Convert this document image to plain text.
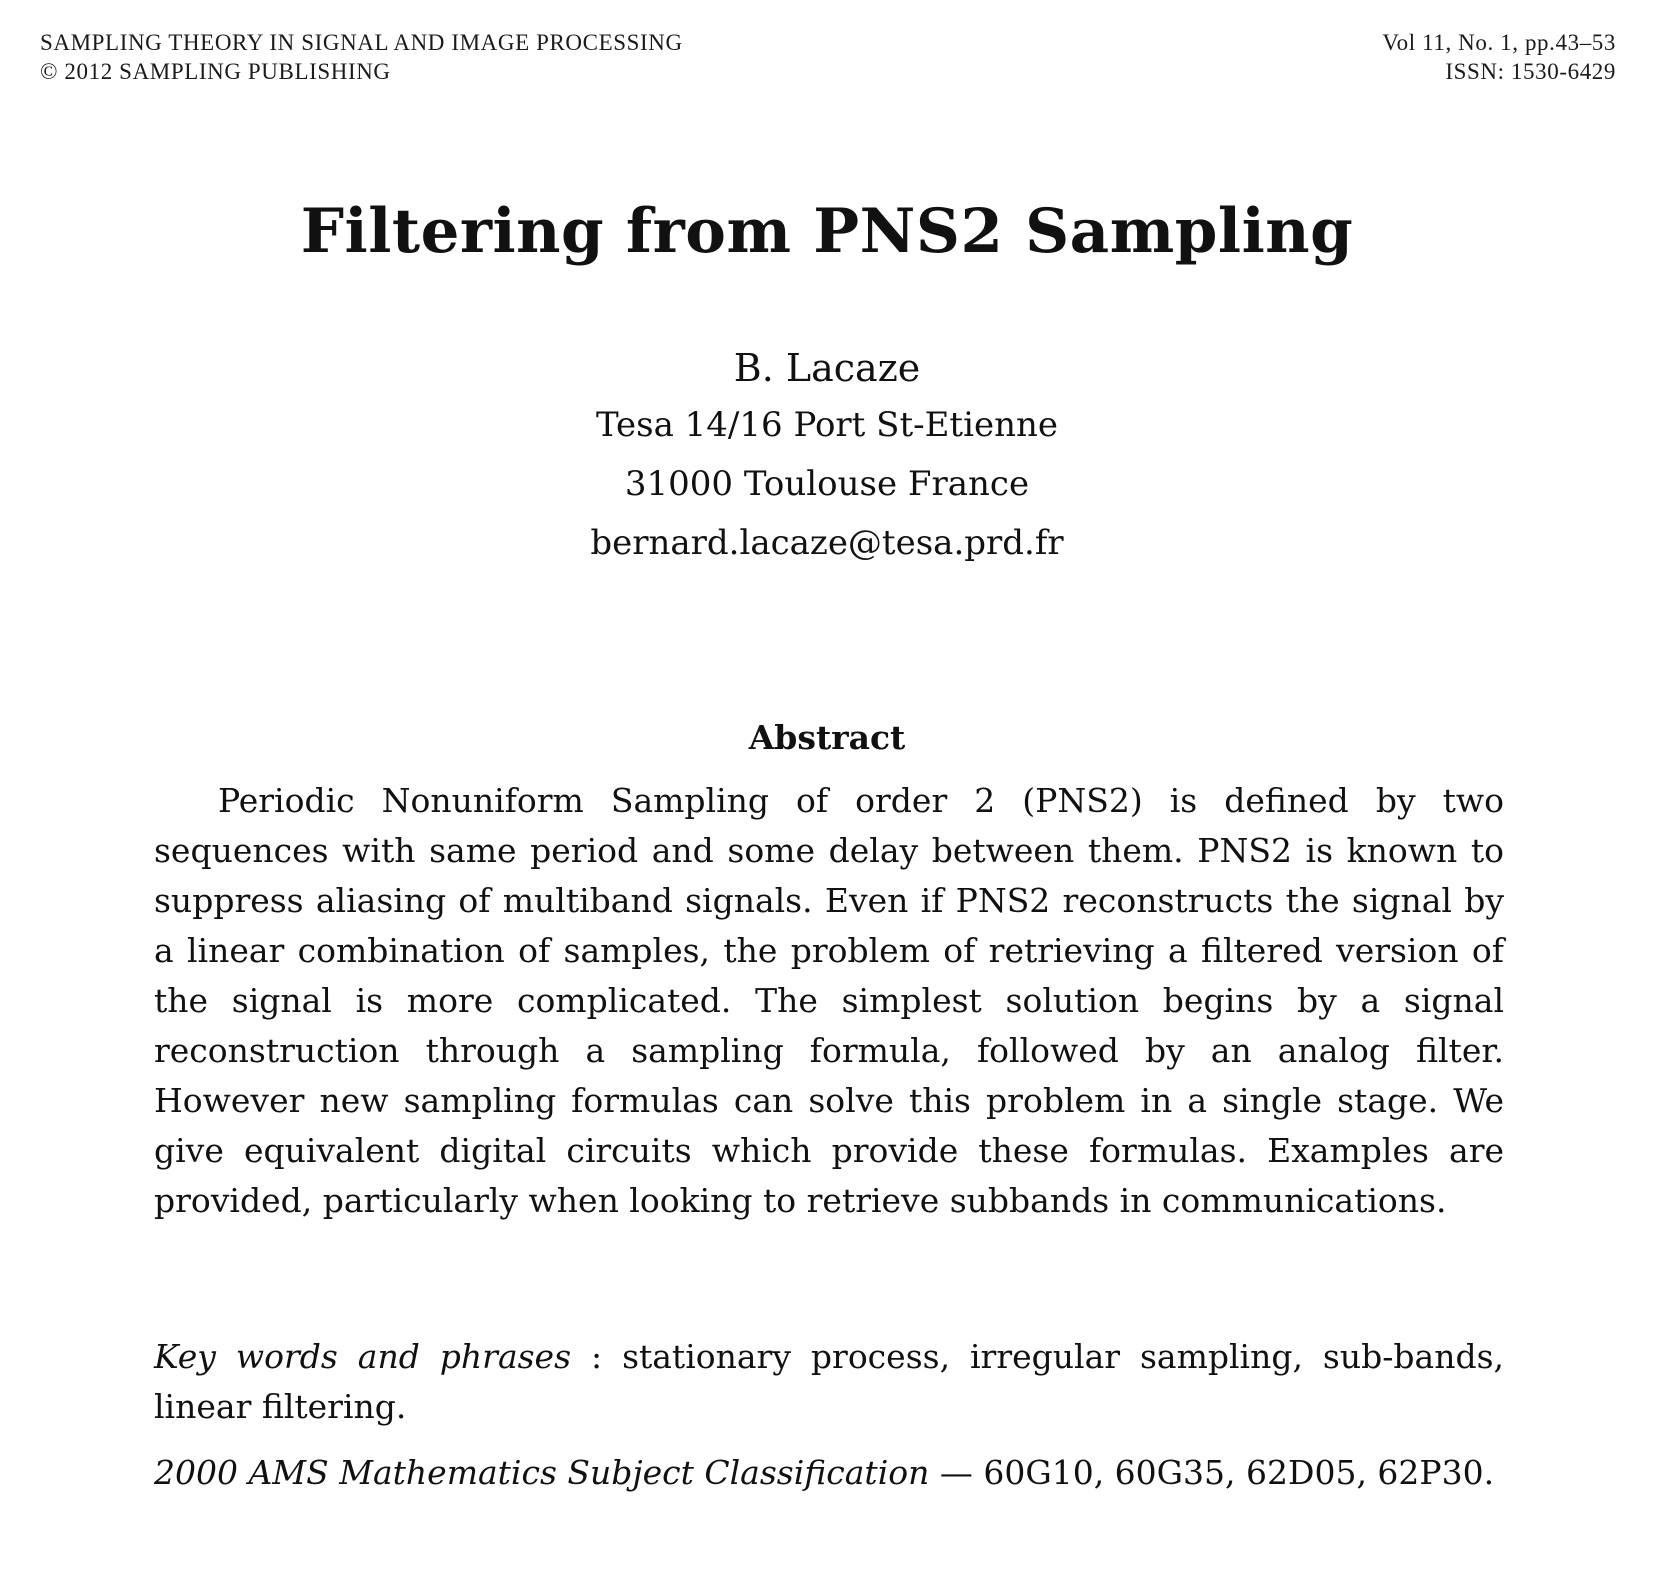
SAMPLING THEORY IN SIGNAL AND IMAGE PROCESSING
© 2012 SAMPLING PUBLISHING
Vol 11, No. 1, pp.43–53
ISSN: 1530-6429
Filtering from PNS2 Sampling
B. Lacaze
Tesa 14/16 Port St-Etienne
31000 Toulouse France
bernard.lacaze@tesa.prd.fr
Abstract
Periodic Nonuniform Sampling of order 2 (PNS2) is defined by two sequences with same period and some delay between them. PNS2 is known to suppress aliasing of multiband signals. Even if PNS2 reconstructs the signal by a linear combination of samples, the problem of retrieving a filtered version of the signal is more complicated. The simplest solution begins by a signal reconstruction through a sampling formula, followed by an analog filter. However new sampling formulas can solve this problem in a single stage. We give equivalent digital circuits which provide these formulas. Examples are provided, particularly when looking to retrieve subbands in communications.
Key words and phrases : stationary process, irregular sampling, sub-bands, linear filtering.
2000 AMS Mathematics Subject Classification — 60G10, 60G35, 62D05, 62P30.
